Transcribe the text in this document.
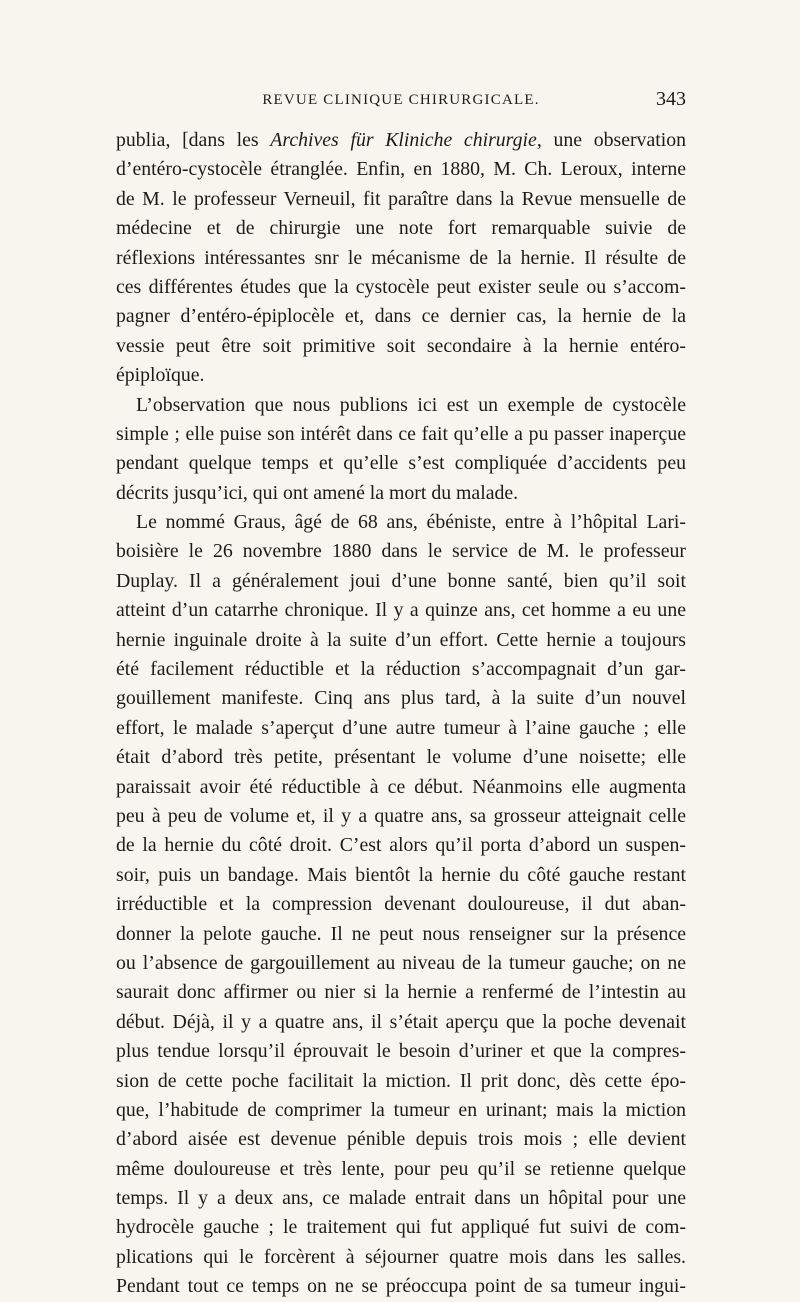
REVUE CLINIQUE CHIRURGICALE.	343
publia, [dans les Archives für Kliniche chirurgie, une observation
d’entéro-cystocèle étranglée. Enfin, en 1880, M. Ch. Leroux, interne
de M. le professeur Verneuil, fit paraître dans la Revue mensuelle de
médecine et de chirurgie une note fort remarquable suivie de
réflexions intéressantes snr le mécanisme de la hernie. Il résulte de
ces différentes études que la cystocèle peut exister seule ou s’accom-
pagner d’entéro-épiplocèle et, dans ce dernier cas, la hernie de la
vessie peut être soit primitive soit secondaire à la hernie entéro-
épiploïque.
L’observation que nous publions ici est un exemple de cystocèle
simple ; elle puise son intérêt dans ce fait qu’elle a pu passer inaperçue
pendant quelque temps et qu’elle s’est compliquée d’accidents peu
décrits jusqu’ici, qui ont amené la mort du malade.
Le nommé Graus, âgé de 68 ans, ébéniste, entre à l’hôpital Lari-
boisière le 26 novembre 1880 dans le service de M. le professeur
Duplay. Il a généralement joui d’une bonne santé, bien qu’il soit
atteint d’un catarrhe chronique. Il y a quinze ans, cet homme a eu une
hernie inguinale droite à la suite d’un effort. Cette hernie a toujours
été facilement réductible et la réduction s’accompagnait d’un gar-
gouillement manifeste. Cinq ans plus tard, à la suite d’un nouvel
effort, le malade s’aperçut d’une autre tumeur à l’aine gauche ; elle
était d’abord très petite, présentant le volume d’une noisette; elle
paraissait avoir été réductible à ce début. Néanmoins elle augmenta
peu à peu de volume et, il y a quatre ans, sa grosseur atteignait celle
de la hernie du côté droit. C’est alors qu’il porta d’abord un suspen-
soir, puis un bandage. Mais bientôt la hernie du côté gauche restant
irréductible et la compression devenant douloureuse, il dut aban-
donner la pelote gauche. Il ne peut nous renseigner sur la présence
ou l’absence de gargouillement au niveau de la tumeur gauche; on ne
saurait donc affirmer ou nier si la hernie a renfermé de l’intestin au
début. Déjà, il y a quatre ans, il s’était aperçu que la poche devenait
plus tendue lorsqu’il éprouvait le besoin d’uriner et que la compres-
sion de cette poche facilitait la miction. Il prit donc, dès cette épo-
que, l’habitude de comprimer la tumeur en urinant; mais la miction
d’abord aisée est devenue pénible depuis trois mois ; elle devient
même douloureuse et très lente, pour peu qu’il se retienne quelque
temps. Il y a deux ans, ce malade entrait dans un hôpital pour une
hydrocèle gauche ; le traitement qui fut appliqué fut suivi de com-
plications qui le forcèrent à séjourner quatre mois dans les salles.
Pendant tout ce temps on ne se préoccupa point de sa tumeur ingui-
